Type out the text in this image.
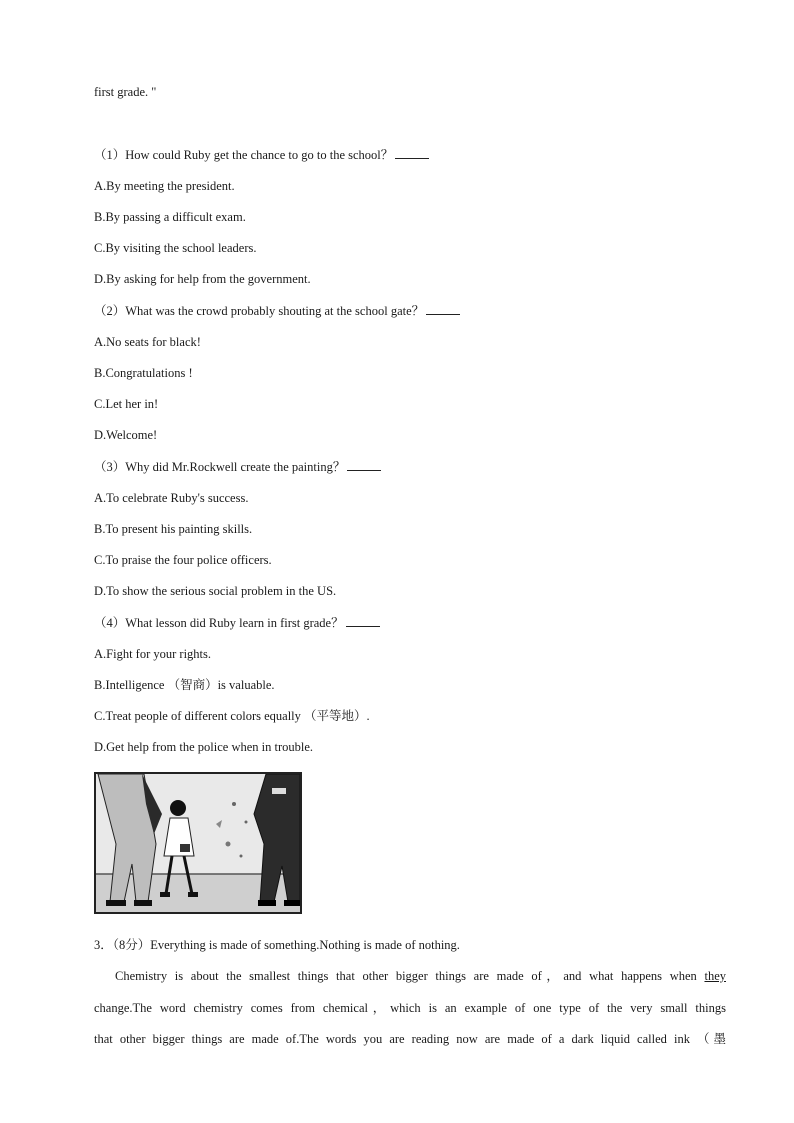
first grade. "
（1）How could Ruby get the chance to go to the school？
A.By meeting the president.
B.By passing a difficult exam.
C.By visiting the school leaders.
D.By asking for help from the government.
（2）What was the crowd probably shouting at the school gate？
A.No seats for black!
B.Congratulations !
C.Let her in!
D.Welcome!
（3）Why did Mr.Rockwell create the painting？
A.To celebrate Ruby's success.
B.To present his painting skills.
C.To praise the four police officers.
D.To show the serious social problem in the US.
（4）What lesson did Ruby learn in first grade？
A.Fight for your rights.
B.Intelligence （智商）is valuable.
C.Treat people of different colors equally （平等地）.
D.Get help from the police when in trouble.
3．（8分）Everything is made of something.Nothing is made of nothing.
Chemistry is about the smallest things that other bigger things are made of，and what happens when they
change.The word chemistry comes from chemical，which is an example of one type of the very small things
that other bigger things are made of.The words you are reading now are made of a dark liquid called ink （墨
